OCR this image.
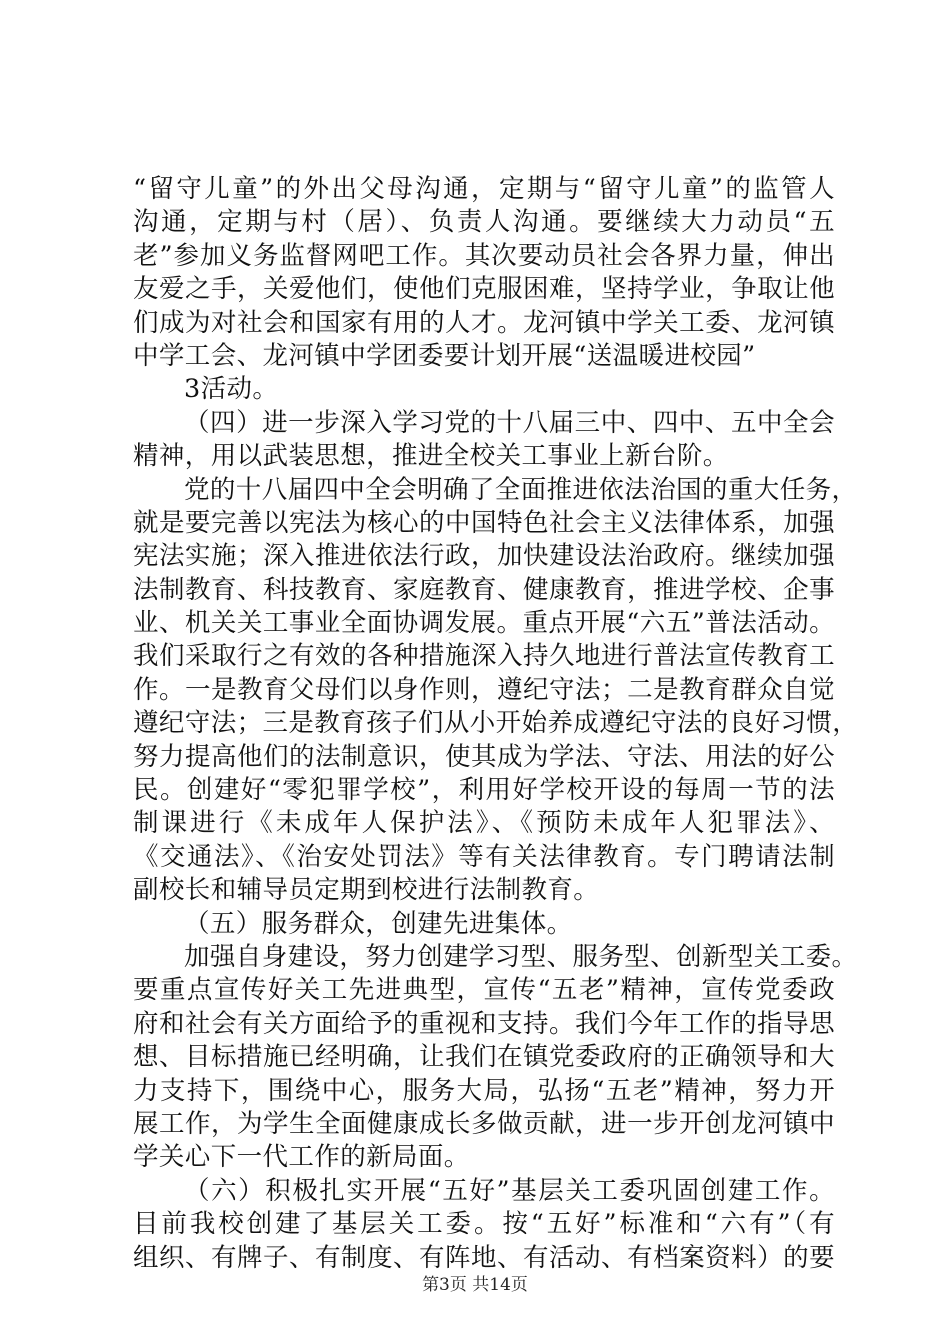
“留守儿童”的外出父母沟通，定期与“留守儿童”的监管人
沟通，定期与村（居）、负责人沟通。要继续大力动员“五
老”参加义务监督网吧工作。其次要动员社会各界力量，伸出
友爱之手，关爱他们，使他们克服困难，坚持学业，争取让他
们成为对社会和国家有用的人才。龙河镇中学关工委、龙河镇
中学工会、龙河镇中学团委要计划开展“送温暖进校园”
3活动。
（四）进一步深入学习党的十八届三中、四中、五中全会
精神，用以武装思想，推进全校关工事业上新台阶。
党的十八届四中全会明确了全面推进依法治国的重大任务，
就是要完善以宪法为核心的中国特色社会主义法律体系，加强
宪法实施；深入推进依法行政，加快建设法治政府。继续加强
法制教育、科技教育、家庭教育、健康教育，推进学校、企事
业、机关关工事业全面协调发展。重点开展“六五”普法活动。
我们采取行之有效的各种措施深入持久地进行普法宣传教育工
作。一是教育父母们以身作则，遵纪守法；二是教育群众自觉
遵纪守法；三是教育孩子们从小开始养成遵纪守法的良好习惯，
努力提高他们的法制意识，使其成为学法、守法、用法的好公
民。创建好“零犯罪学校”，利用好学校开设的每周一节的法
制课进行《未成年人保护法》、《预防未成年人犯罪法》、
《交通法》、《治安处罚法》等有关法律教育。专门聘请法制
副校长和辅导员定期到校进行法制教育。
（五）服务群众，创建先进集体。
加强自身建设，努力创建学习型、服务型、创新型关工委。
要重点宣传好关工先进典型，宣传“五老”精神，宣传党委政
府和社会有关方面给予的重视和支持。我们今年工作的指导思
想、目标措施已经明确，让我们在镇党委政府的正确领导和大
力支持下，围绕中心，服务大局，弘扬“五老”精神，努力开
展工作，为学生全面健康成长多做贡献，进一步开创龙河镇中
学关心下一代工作的新局面。
（六）积极扎实开展“五好”基层关工委巩固创建工作。
目前我校创建了基层关工委。按“五好”标准和“六有”（有
组织、有牌子、有制度、有阵地、有活动、有档案资料）的要
第3页 共14页
